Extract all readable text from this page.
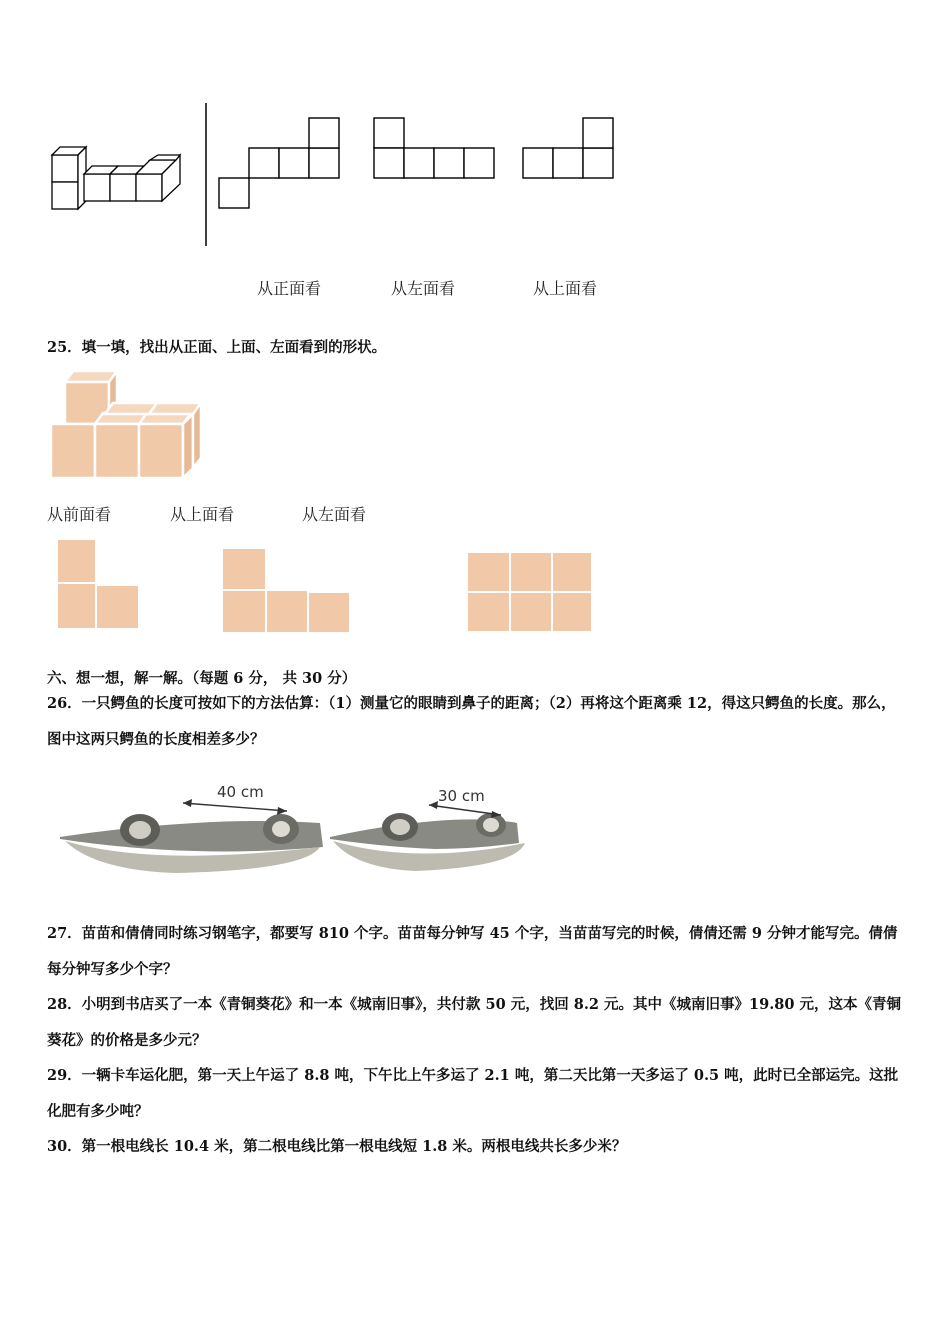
从正面看	从左面看	从上面看
25．填一填，找出从正面、上面、左面看到的形状。
从前面看	从上面看	从左面看
六、想一想，解一解。（每题 6 分， 共 30 分）
26．一只鳄鱼的长度可按如下的方法估算：（1）测量它的眼睛到鼻子的距离；（2）再将这个距离乘 12，得这只鳄鱼的长度。那么，图中这两只鳄鱼的长度相差多少？
40 cm	30 cm
27．苗苗和倩倩同时练习钢笔字，都要写 810 个字。苗苗每分钟写 45 个字，当苗苗写完的时候，倩倩还需 9 分钟才能写完。倩倩每分钟写多少个字？
28．小明到书店买了一本《青铜葵花》和一本《城南旧事》，共付款 50 元，找回 8.2 元。其中《城南旧事》19.80 元，这本《青铜葵花》的价格是多少元？
29．一辆卡车运化肥，第一天上午运了 8.8 吨，下午比上午多运了 2.1 吨，第二天比第一天多运了 0.5 吨，此时已全部运完。这批化肥有多少吨？
30．第一根电线长 10.4 米，第二根电线比第一根电线短 1.8 米。两根电线共长多少米？
